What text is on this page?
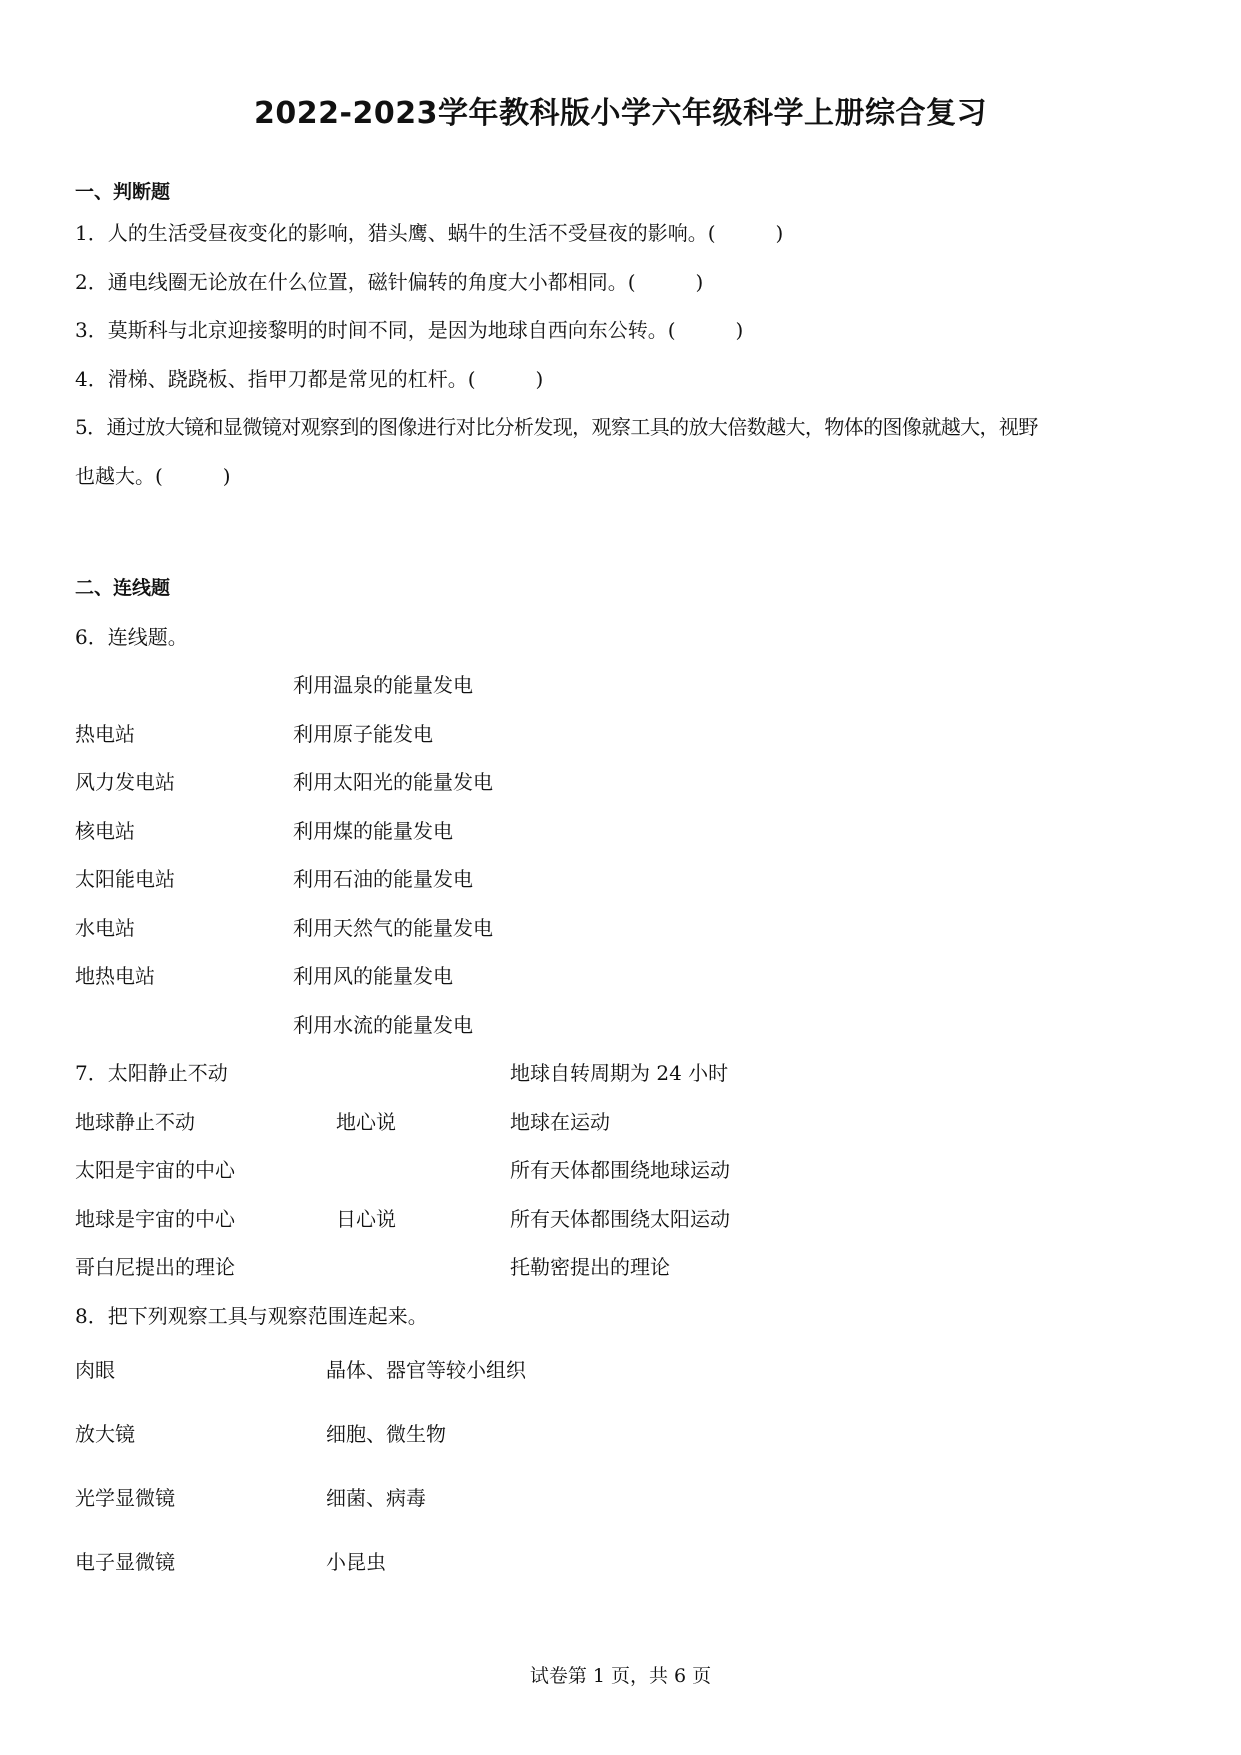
2022-2023学年教科版小学六年级科学上册综合复习
一、判断题
1．人的生活受昼夜变化的影响，猎头鹰、蜗牛的生活不受昼夜的影响。(　　　)
2．通电线圈无论放在什么位置，磁针偏转的角度大小都相同。(　　　)
3．莫斯科与北京迎接黎明的时间不同，是因为地球自西向东公转。(　　　)
4．滑梯、跷跷板、指甲刀都是常见的杠杆。(　　　)
5．通过放大镜和显微镜对观察到的图像进行对比分析发现，观察工具的放大倍数越大，物体的图像就越大，视野
也越大。(　　　)
二、连线题
6．连线题。
利用温泉的能量发电
利用原子能发电
利用太阳光的能量发电
利用煤的能量发电
利用石油的能量发电
利用天然气的能量发电
利用风的能量发电
利用水流的能量发电
热电站
风力发电站
核电站
太阳能电站
水电站
地热电站
7．太阳静止不动
地球静止不动
太阳是宇宙的中心
地球是宇宙的中心
哥白尼提出的理论
地心说
日心说
地球自转周期为 24 小时
地球在运动
所有天体都围绕地球运动
所有天体都围绕太阳运动
托勒密提出的理论
8．把下列观察工具与观察范围连起来。
肉眼
放大镜
光学显微镜
电子显微镜
晶体、器官等较小组织
细胞、微生物
细菌、病毒
小昆虫
试卷第 1 页，共 6 页
